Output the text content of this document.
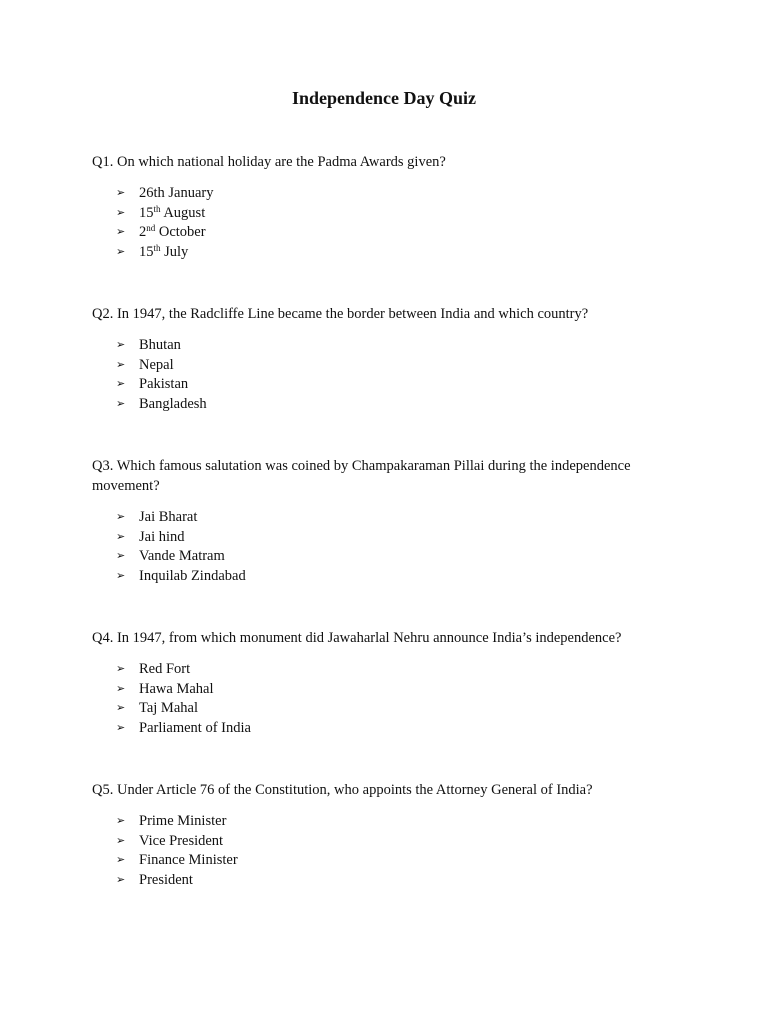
Independence Day Quiz
Q1. On which national holiday are the Padma Awards given?
➢ 26th January
➢ 15th August
➢ 2nd October
➢ 15th July
Q2. In 1947, the Radcliffe Line became the border between India and which country?
➢ Bhutan
➢ Nepal
➢ Pakistan
➢ Bangladesh
Q3. Which famous salutation was coined by Champakaraman Pillai during the independence movement?
➢ Jai Bharat
➢ Jai hind
➢ Vande Matram
➢ Inquilab Zindabad
Q4. In 1947, from which monument did Jawaharlal Nehru announce India’s independence?
➢ Red Fort
➢ Hawa Mahal
➢ Taj Mahal
➢ Parliament of India
Q5. Under Article 76 of the Constitution, who appoints the Attorney General of India?
➢ Prime Minister
➢ Vice President
➢ Finance Minister
➢ President
